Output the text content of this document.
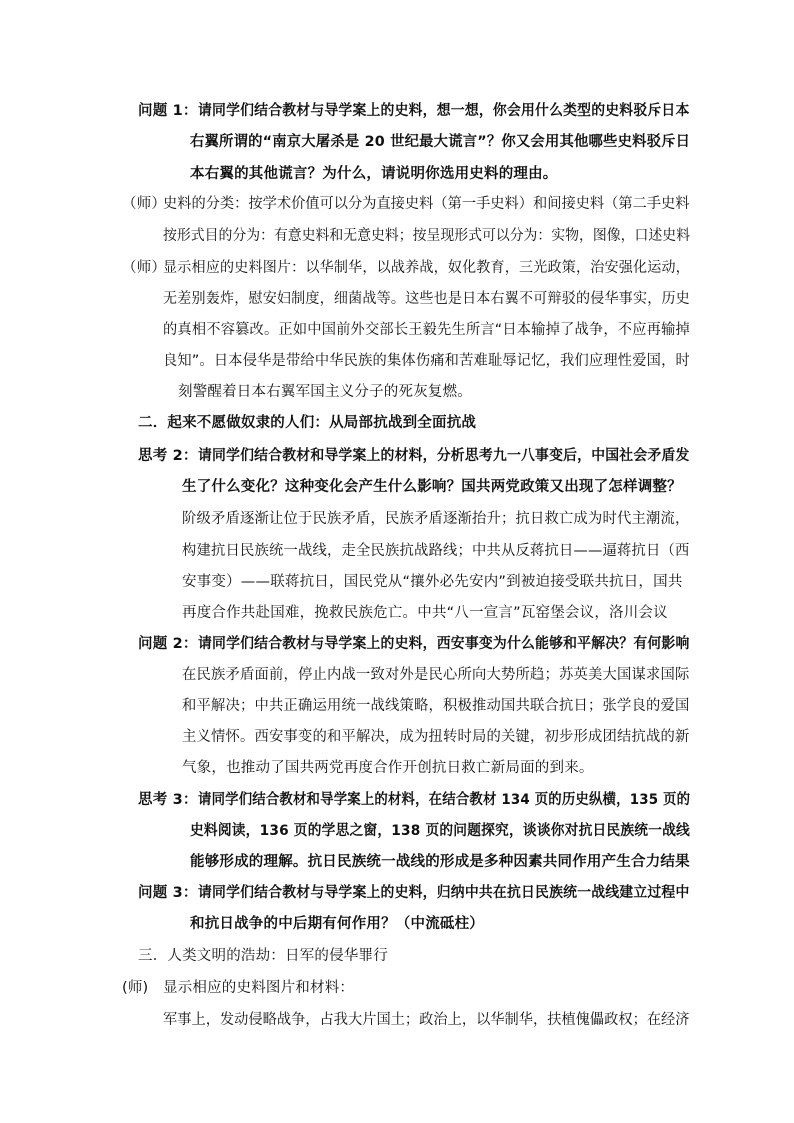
问题 1： 请同学们结合教材与导学案上的史料，想一想，你会用什么类型的史料驳斥日本
右翼所谓的“南京大屠杀是 20 世纪最大谎言”？你又会用其他哪些史料驳斥日
本右翼的其他谎言？为什么，请说明你选用史料的理由。
（师）
史料的分类：按学术价值可以分为直接史料（第一手史料）和间接史料（第二手史料
按形式目的分为：有意史料和无意史料；按呈现形式可以分为：实物，图像，口述史料
（师）
显示相应的史料图片：以华制华，以战养战，奴化教育，三光政策，治安强化运动，
无差别轰炸，慰安妇制度，细菌战等。这些也是日本右翼不可辩驳的侵华事实，历史
的真相不容篡改。正如中国前外交部长王毅先生所言“日本输掉了战争，不应再输掉
良知”。日本侵华是带给中华民族的集体伤痛和苦难耻辱记忆，我们应理性爱国，时
刻警醒着日本右翼军国主义分子的死灰复燃。
二．起来不愿做奴隶的人们：从局部抗战到全面抗战
思考 2： 请同学们结合教材和导学案上的材料，分析思考九一八事变后，中国社会矛盾发
生了什么变化？这种变化会产生什么影响？国共两党政策又出现了怎样调整？
阶级矛盾逐渐让位于民族矛盾，民族矛盾逐渐抬升；抗日救亡成为时代主潮流，
构建抗日民族统一战线，走全民族抗战路线；中共从反蒋抗日——逼蒋抗日（西
安事变）——联蒋抗日，国民党从“攘外必先安内”到被迫接受联共抗日，国共
再度合作共赴国难，挽救民族危亡。中共“八一宣言”瓦窑堡会议，洛川会议
问题 2： 请同学们结合教材与导学案上的史料，西安事变为什么能够和平解决？有何影响
在民族矛盾面前，停止内战一致对外是民心所向大势所趋；苏英美大国谋求国际
和平解决；中共正确运用统一战线策略，积极推动国共联合抗日；张学良的爱国
主义情怀。西安事变的和平解决，成为扭转时局的关键，初步形成团结抗战的新
气象，也推动了国共两党再度合作开创抗日救亡新局面的到来。
思考 3： 请同学们结合教材和导学案上的材料，在结合教材 134 页的历史纵横，135 页的
史料阅读，136 页的学思之窗，138 页的问题探究，谈谈你对抗日民族统一战线
能够形成的理解。抗日民族统一战线的形成是多种因素共同作用产生合力结果
问题 3： 请同学们结合教材与导学案上的史料，归纳中共在抗日民族统一战线建立过程中
和抗日战争的中后期有何作用？（中流砥柱）
三．人类文明的浩劫：日军的侵华罪行
(师) 显示相应的史料图片和材料：
军事上，发动侵略战争，占我大片国土；政治上，以华制华，扶植傀儡政权；在经济
